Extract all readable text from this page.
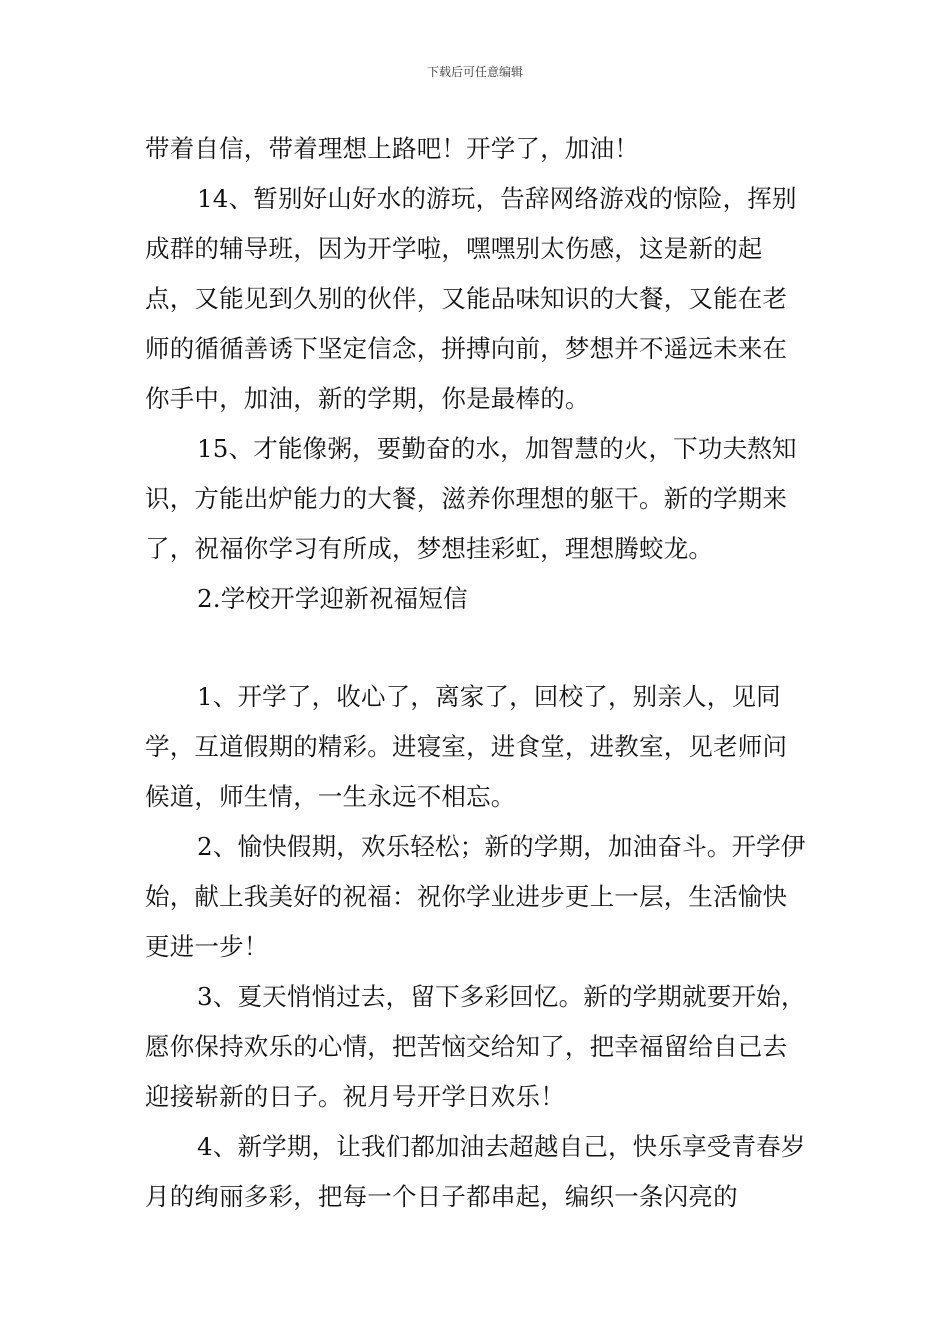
下载后可任意编辑

带着自信，带着理想上路吧！开学了，加油！

14、暂别好山好水的游玩，告辞网络游戏的惊险，挥别成群的辅导班，因为开学啦，嘿嘿别太伤感，这是新的起点，又能见到久别的伙伴，又能品味知识的大餐，又能在老师的循循善诱下坚定信念，拼搏向前，梦想并不遥远未来在你手中，加油，新的学期，你是最棒的。

15、才能像粥，要勤奋的水，加智慧的火，下功夫熬知识，方能出炉能力的大餐，滋养你理想的躯干。新的学期来了，祝福你学习有所成，梦想挂彩虹，理想腾蛟龙。

2.学校开学迎新祝福短信

1、开学了，收心了，离家了，回校了，别亲人，见同学，互道假期的精彩。进寝室，进食堂，进教室，见老师问候道，师生情，一生永远不相忘。

2、愉快假期，欢乐轻松；新的学期，加油奋斗。开学伊始，献上我美好的祝福：祝你学业进步更上一层，生活愉快更进一步！

3、夏天悄悄过去，留下多彩回忆。新的学期就要开始，愿你保持欢乐的心情，把苦恼交给知了，把幸福留给自己去迎接崭新的日子。祝月号开学日欢乐！

4、新学期，让我们都加油去超越自己，快乐享受青春岁月的绚丽多彩，把每一个日子都串起，编织一条闪亮的
